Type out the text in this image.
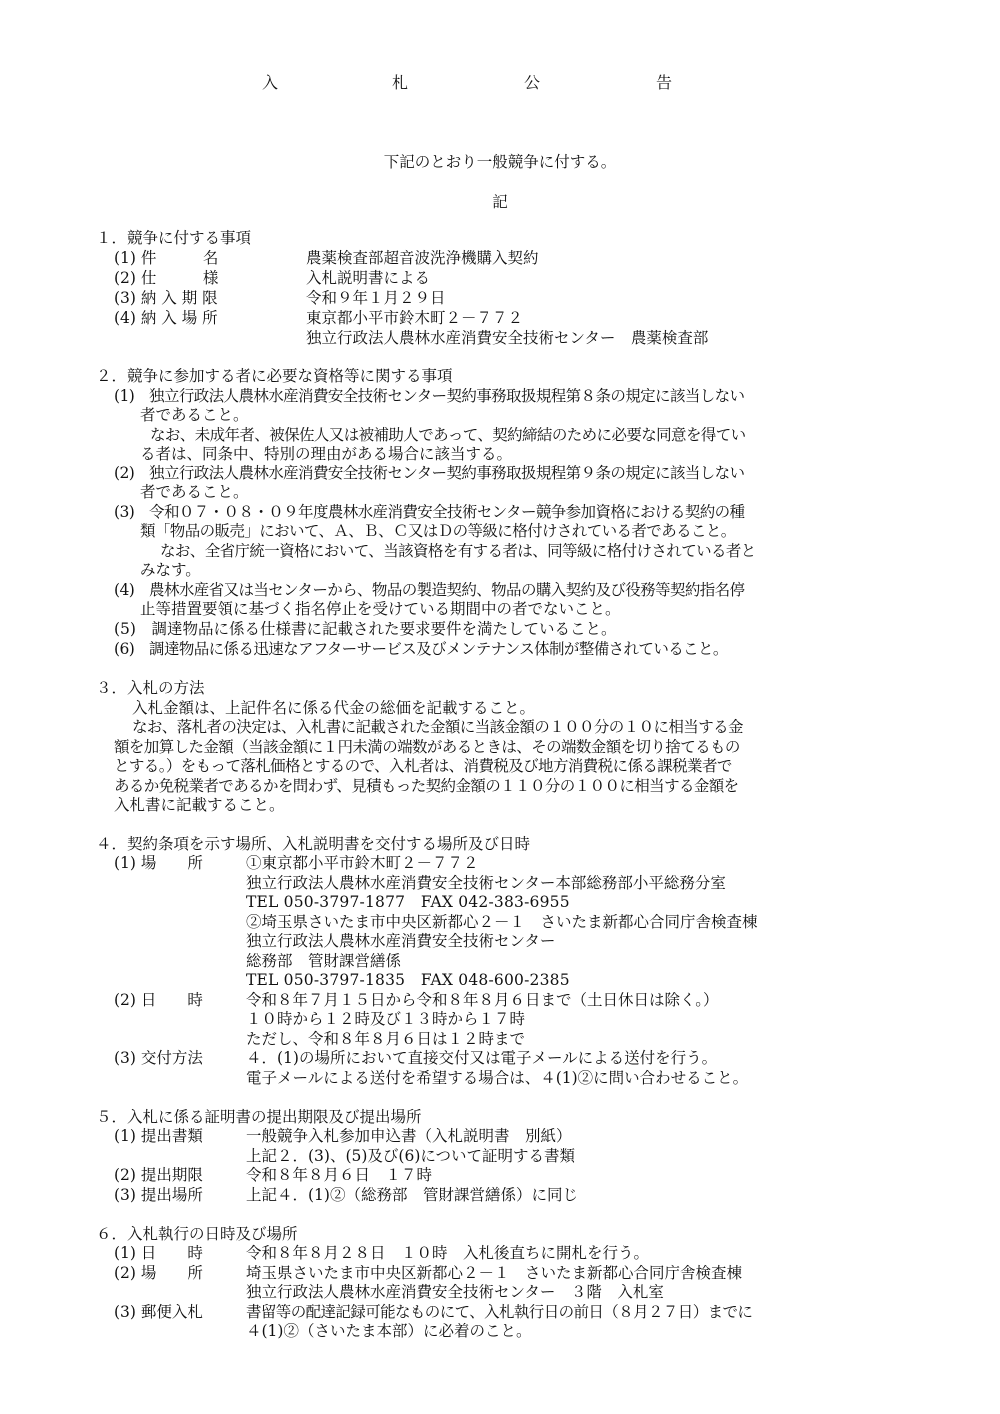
入	札	公	告
下記のとおり一般競争に付する。
記
１．競争に付する事項
(1) 件　　　名	農薬検査部超音波洗浄機購入契約
(2) 仕　　　様	入札説明書による
(3) 納 入 期 限	令和９年１月２９日
(4) 納 入 場 所	東京都小平市鈴木町２－７７２
独立行政法人農林水産消費安全技術センター　農薬検査部
２．競争に参加する者に必要な資格等に関する事項
(1)　独立行政法人農林水産消費安全技術センター契約事務取扱規程第８条の規定に該当しない
者であること。
なお、未成年者、被保佐人又は被補助人であって、契約締結のために必要な同意を得てい
る者は、同条中、特別の理由がある場合に該当する。
(2)　独立行政法人農林水産消費安全技術センター契約事務取扱規程第９条の規定に該当しない
者であること。
(3)　令和０７・０８・０９年度農林水産消費安全技術センター競争参加資格における契約の種
類「物品の販売」において、Ａ、Ｂ、Ｃ又はＤの等級に格付けされている者であること。
なお、全省庁統一資格において、当該資格を有する者は、同等級に格付けされている者と
みなす。
(4)　農林水産省又は当センターから、物品の製造契約、物品の購入契約及び役務等契約指名停
止等措置要領に基づく指名停止を受けている期間中の者でないこと。
(5)　調達物品に係る仕様書に記載された要求要件を満たしていること。
(6)　調達物品に係る迅速なアフターサービス及びメンテナンス体制が整備されていること。
３．入札の方法
入札金額は、上記件名に係る代金の総価を記載すること。
なお、落札者の決定は、入札書に記載された金額に当該金額の１００分の１０に相当する金
額を加算した金額（当該金額に１円未満の端数があるときは、その端数金額を切り捨てるもの
とする。）をもって落札価格とするので、入札者は、消費税及び地方消費税に係る課税業者で
あるか免税業者であるかを問わず、見積もった契約金額の１１０分の１００に相当する金額を
入札書に記載すること。
４．契約条項を示す場所、入札説明書を交付する場所及び日時
(1) 場　　所	①東京都小平市鈴木町２－７７２
独立行政法人農林水産消費安全技術センター本部総務部小平総務分室
TEL 050-3797-1877　FAX 042-383-6955
②埼玉県さいたま市中央区新都心２－１　さいたま新都心合同庁舎検査棟
独立行政法人農林水産消費安全技術センター
総務部　管財課営繕係
TEL 050-3797-1835　FAX 048-600-2385
(2) 日　　時	令和８年７月１５日から令和８年８月６日まで（土日休日は除く。）
１０時から１２時及び１３時から１７時
ただし、令和８年８月６日は１２時まで
(3) 交付方法	４．(1)の場所において直接交付又は電子メールによる送付を行う。
電子メールによる送付を希望する場合は、４(1)②に問い合わせること。
５．入札に係る証明書の提出期限及び提出場所
(1) 提出書類	一般競争入札参加申込書（入札説明書　別紙）
上記２．(3)、(5)及び(6)について証明する書類
(2) 提出期限	令和８年８月６日　１７時
(3) 提出場所	上記４．(1)②（総務部　管財課営繕係）に同じ
６．入札執行の日時及び場所
(1) 日　　時	令和８年８月２８日　１０時　入札後直ちに開札を行う。
(2) 場　　所	埼玉県さいたま市中央区新都心２－１　さいたま新都心合同庁舎検査棟
独立行政法人農林水産消費安全技術センター　３階　入札室
(3) 郵便入札	書留等の配達記録可能なものにて、入札執行日の前日（８月２７日）までに
４(1)②（さいたま本部）に必着のこと。
